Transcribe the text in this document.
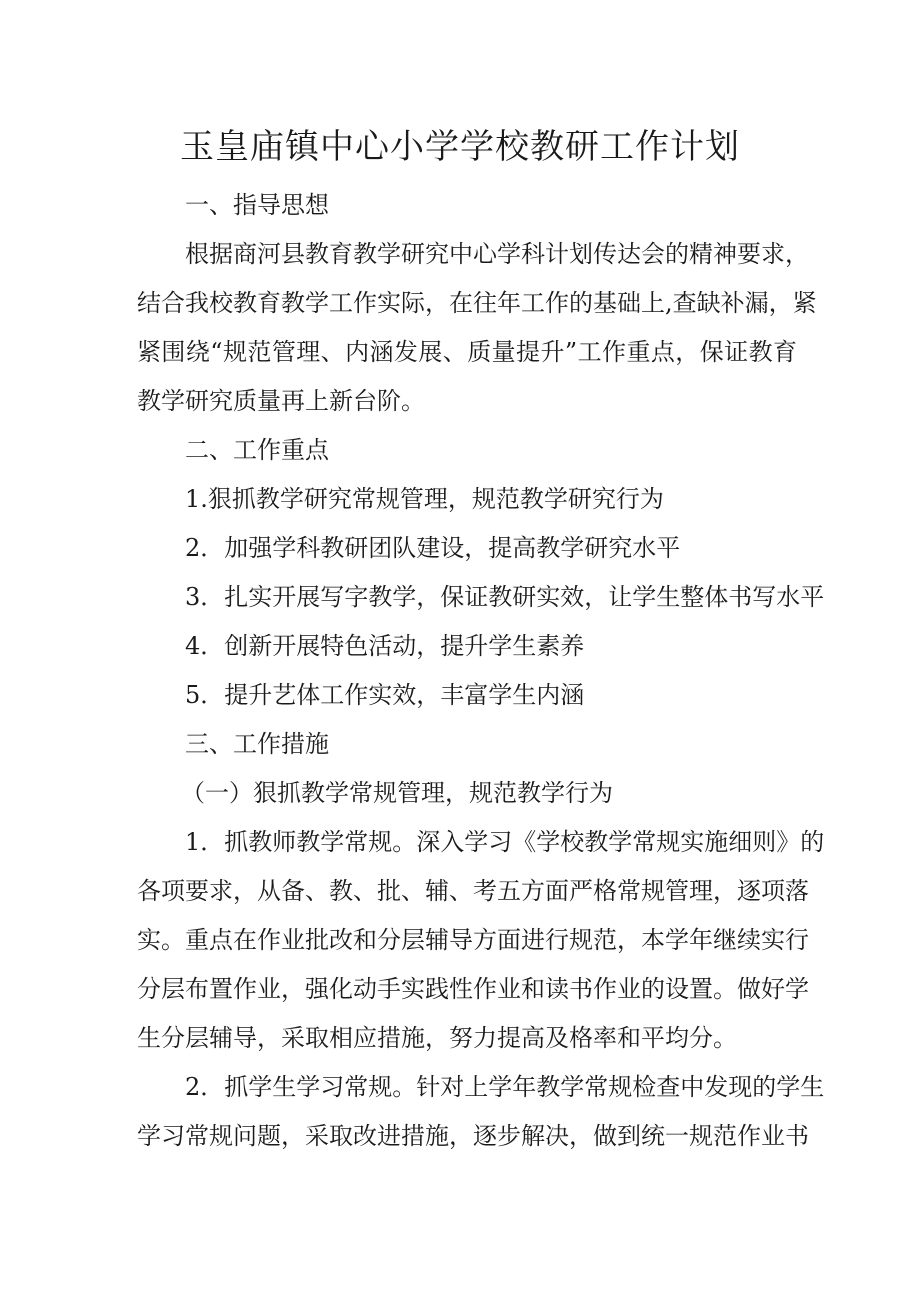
玉皇庙镇中心小学学校教研工作计划
一、指导思想
根据商河县教育教学研究中心学科计划传达会的精神要求，
结合我校教育教学工作实际，在往年工作的基础上,查缺补漏，紧
紧围绕“规范管理、内涵发展、质量提升”工作重点，保证教育
教学研究质量再上新台阶。
二、工作重点
1.狠抓教学研究常规管理，规范教学研究行为
2．加强学科教研团队建设，提高教学研究水平
3．扎实开展写字教学，保证教研实效，让学生整体书写水平
4．创新开展特色活动，提升学生素养
5．提升艺体工作实效，丰富学生内涵
三、工作措施
（一）狠抓教学常规管理，规范教学行为
1．抓教师教学常规。深入学习《学校教学常规实施细则》的
各项要求，从备、教、批、辅、考五方面严格常规管理，逐项落
实。重点在作业批改和分层辅导方面进行规范，本学年继续实行
分层布置作业，强化动手实践性作业和读书作业的设置。做好学
生分层辅导，采取相应措施，努力提高及格率和平均分。
2．抓学生学习常规。针对上学年教学常规检查中发现的学生
学习常规问题，采取改进措施，逐步解决，做到统一规范作业书
